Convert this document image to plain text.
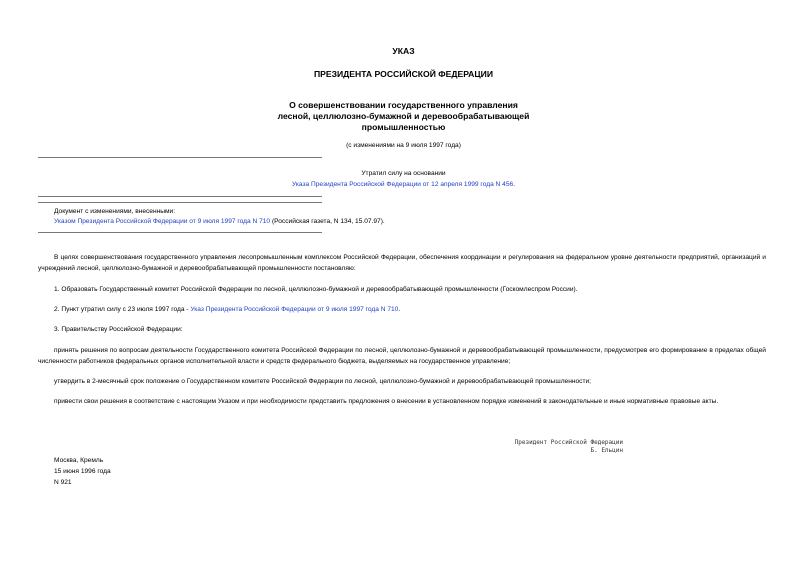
УКАЗ
ПРЕЗИДЕНТА РОССИЙСКОЙ ФЕДЕРАЦИИ
О совершенствовании государственного управления
лесной, целлюлозно-бумажной и деревообрабатывающей
промышленностью
(с изменениями на 9 июля 1997 года)
Утратил силу на основании
Указа Президента Российской Федерации от 12 апреля 1999 года N 456.
Документ с изменениями, внесенными:
Указом Президента Российской Федерации от 9 июля 1997 года N 710 (Российская газета, N 134, 15.07.97).
В целях совершенствования государственного управления лесопромышленным комплексом Российской Федерации, обеспечения координации и регулирования на федеральном уровне деятельности предприятий, организаций и учреждений лесной, целлюлозно-бумажной и деревообрабатывающей промышленности постановляю:
1. Образовать Государственный комитет Российской Федерации по лесной, целлюлозно-бумажной и деревообрабатывающей промышленности (Госкомлеспром России).
2. Пункт утратил силу с 23 июля 1997 года - Указ Президента Российской Федерации от 9 июля 1997 года N 710.
3. Правительству Российской Федерации:
принять решения по вопросам деятельности Государственного комитета Российской Федерации по лесной, целлюлозно-бумажной и деревообрабатывающей промышленности, предусмотрев его формирование в пределах общей численности работников федеральных органов исполнительной власти и средств федерального бюджета, выделяемых на государственное управление;
утвердить в 2-месячный срок положение о Государственном комитете Российской Федерации по лесной, целлюлозно-бумажной и деревообрабатывающей промышленности;
привести свои решения в соответствие с настоящим Указом и при необходимости представить предложения о внесении в установленном порядке изменений в законодательные и иные нормативные правовые акты.
Президент Российской Федерации
Б. Ельцин
Москва, Кремль
15 июня 1996 года
N 921
